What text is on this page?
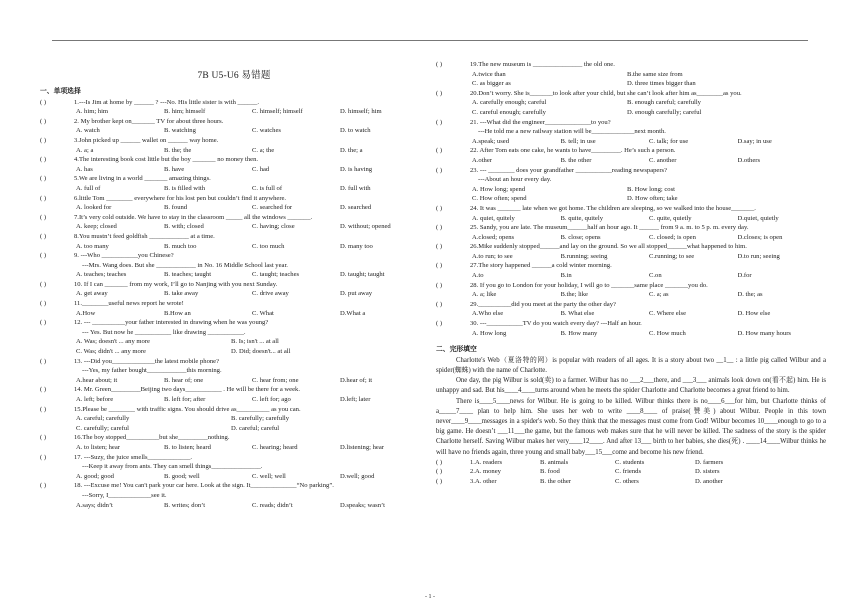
7B U5-U6 易错题
一、单项选择
( )	1.---Is Jim at home by ______ ? ---No. His little sister is with ______.
A. him; him	B. him; himself	C. himself; himself	D. himself; him
( )	2. My brother kept on_______ TV for about three hours.
A. watch	B. watching	C. watches	D. to watch
( )	3.John picked up ______ wallet on ______ way home.
A. a; a	B. the; the	C. a; the	D. the; a
( )	4.The interesting book cost little but the boy _______ no money then.
A. has	B. have	C. had	D. is having
( )	5.We are living in a world _______ amazing things.
A. full of	B. is filled with	C. is full of	D. full with
( )	6.little Tom ________ everywhere for his lost pen but couldn’t find it anywhere.
A. looked for	B. found	C. searched for	D. searched
( )	7.It’s very cold outside. We have to stay in the classroom _____ all the windows _______.
A. keep; closed	B. with; closed	C. having; close	D. without; opened
( )	8.You mustn’t feed goldfish ____________ at a time.
A. too many	B. much too	C. too much	D. many too
( )	9. ---Who ___________you Chinese?
---Mrs. Wang does. But she ____________ in No. 16 Middle School last year.
A. teaches; teaches	B. teaches; taught	C. taught; teaches	D. taught; taught
( )	10. If I can _______ from my work, I’ll go to Nanjing with you next Sunday.
A. get away	B. take away	C. drive away	D. put away
( )	11.________useful news report he wrote!
A.How	B.How an	C. What	D.What a
( )	12. --- __________your father interested in drawing when he was young?
--- Yes. But now he ___________ like drawing ___________.
A. Was; doesn't ... any more	B. Is; isn't ... at all
C. Was; didn't ... any more	D. Did; doesn't... at all
( )	13. ---Did you_____________the latest mobile phone?
---Yes, my father bought____________this morning.
A.hear about; it	B. hear of; one	C. hear from; one	D.hear of; it
( )	14. Mr. Green_________Beijing two days___________ . He will be there for a week.
A. left; before	B. left for; after	C. left for; ago	D.left; later
( )	15.Please be ________ with traffic signs. You should drive as__________ as you can.
A. careful; carefully	B. carefully; carefully
C. carefully; careful	D. careful; careful
( )	16.The boy stopped__________but she_________nothing.
A. to listen; hear	B. to listen; heard	C. hearing; heard	D.listening; hear
( )	17. ---Suzy, the juice smells_____________.
---Keep it away from ants. They can smell things_______________.
A. good; good	B. good; well	C. well; well	D.well; good
( )	18. ---Excuse me! You can't park your car here. Look at the sign. It______________“No parking”.
---Sorry, I_____________see it.
A.says; didn’t	B. writes; don’t	C. reads; didn’t	D.speaks; wasn’t
( )	19.The new museum is _______________ the old one.
A.twice than	B.the same size from
C. as bigger as	D. three times bigger than
( )	20.Don’t worry. She is_______to look after your child, but she can’t look after him as________as you.
A. carefully enough; careful	B. enough careful; carefully
C. careful enough; carefully	D. enough carefully; careful
( )	21. ---What did the engineer______________to you?
---He told me a new railway station will be_____________next month.
A.speak; used	B. tell; in use	C. talk; for use	D.say; in use
( )	22. After Tom eats one cake, he wants to have_________. He’s such a person.
A.other	B. the other	C. another	D.others
( )	23. --- ________ does your grandfather ___________reading newspapers?
---About an hour every day.
A. How long; spend	B. How long; cost
C. How often; spend	D. How often; take
( )	24. It was _______ late when we got home. The children are sleeping, so we walked into the house_______.
A. quiet, quitely	B. quite, quitely	C. quite, quietly	D.quiet, quietly
( )	25. Sandy, you are late. The museum______half an hour ago. It ______ from 9 a. m. to 5 p. m. every day.
A.closed; opens	B. close; opens	C. closed; is open	D.closes; is open
( )	26.Mike suddenly stopped______and lay on the ground. So we all stopped______what happened to him.
A.to run; to see	B.running; seeing	C.running; to see	D.to run; seeing
( )	27.The story happened ______a cold winter morning.
A.to	B.in	C.on	D.for
( )	28. If you go to London for your holiday, I will go to _______same place _______you do.
A. a; like	B.the; like	C. a; as	D. the; as
( )	29.__________did you meet at the party the other day?
A.Who else	B. What else	C. Where else	D. How else
( )	30. ---___________TV do you watch every day? ---Half an hour.
A. How long	B. How many	C. How much	D. How many hours
二、完形填空

Charlotte's Web（夏洛特的网）is popular with readers of all ages. It is a story about two __1__ : a little pig called Wilbur and a spider(蜘蛛) with the name of Charlotte.

One day, the pig Wilbur is sold(卖) to a farmer. Wilbur has no ___2___there, and ___3___ animals look down on(看不起) him. He is unhappy and sad. But his____4____turns around when he meets the spider Charlotte and Charlotte becomes a great friend to him.

There is____5____news for Wilbur. He is going to be killed. Wilbur thinks there is no____6___for him, but Charlotte thinks of a_____7____ plan to help him. She uses her web to write ____8____ of praise(赞美) about Wilbur. People in this town never____9____messages in a spider's web. So they think that the messages must come from God! Wilbur becomes 10____enough to go to a big game. He doesn’t ___11___the game, but the famous web makes sure that he will never be killed. The sadness of the story is the spider Charlotte herself. Saving Wilbur makes her very____12____. And after 13___ birth to her babies, she dies(死) . ____14____Wilbur thinks he will have no friends again, three young and small baby___15___come and become his new friend.

( )	1.A. readers	B. animals	C. students	D. farmers
( )	2.A. money	B. food	C. friends	D. sisters
( )	3.A. other	B. the other	C. others	D. another
- 1 -
